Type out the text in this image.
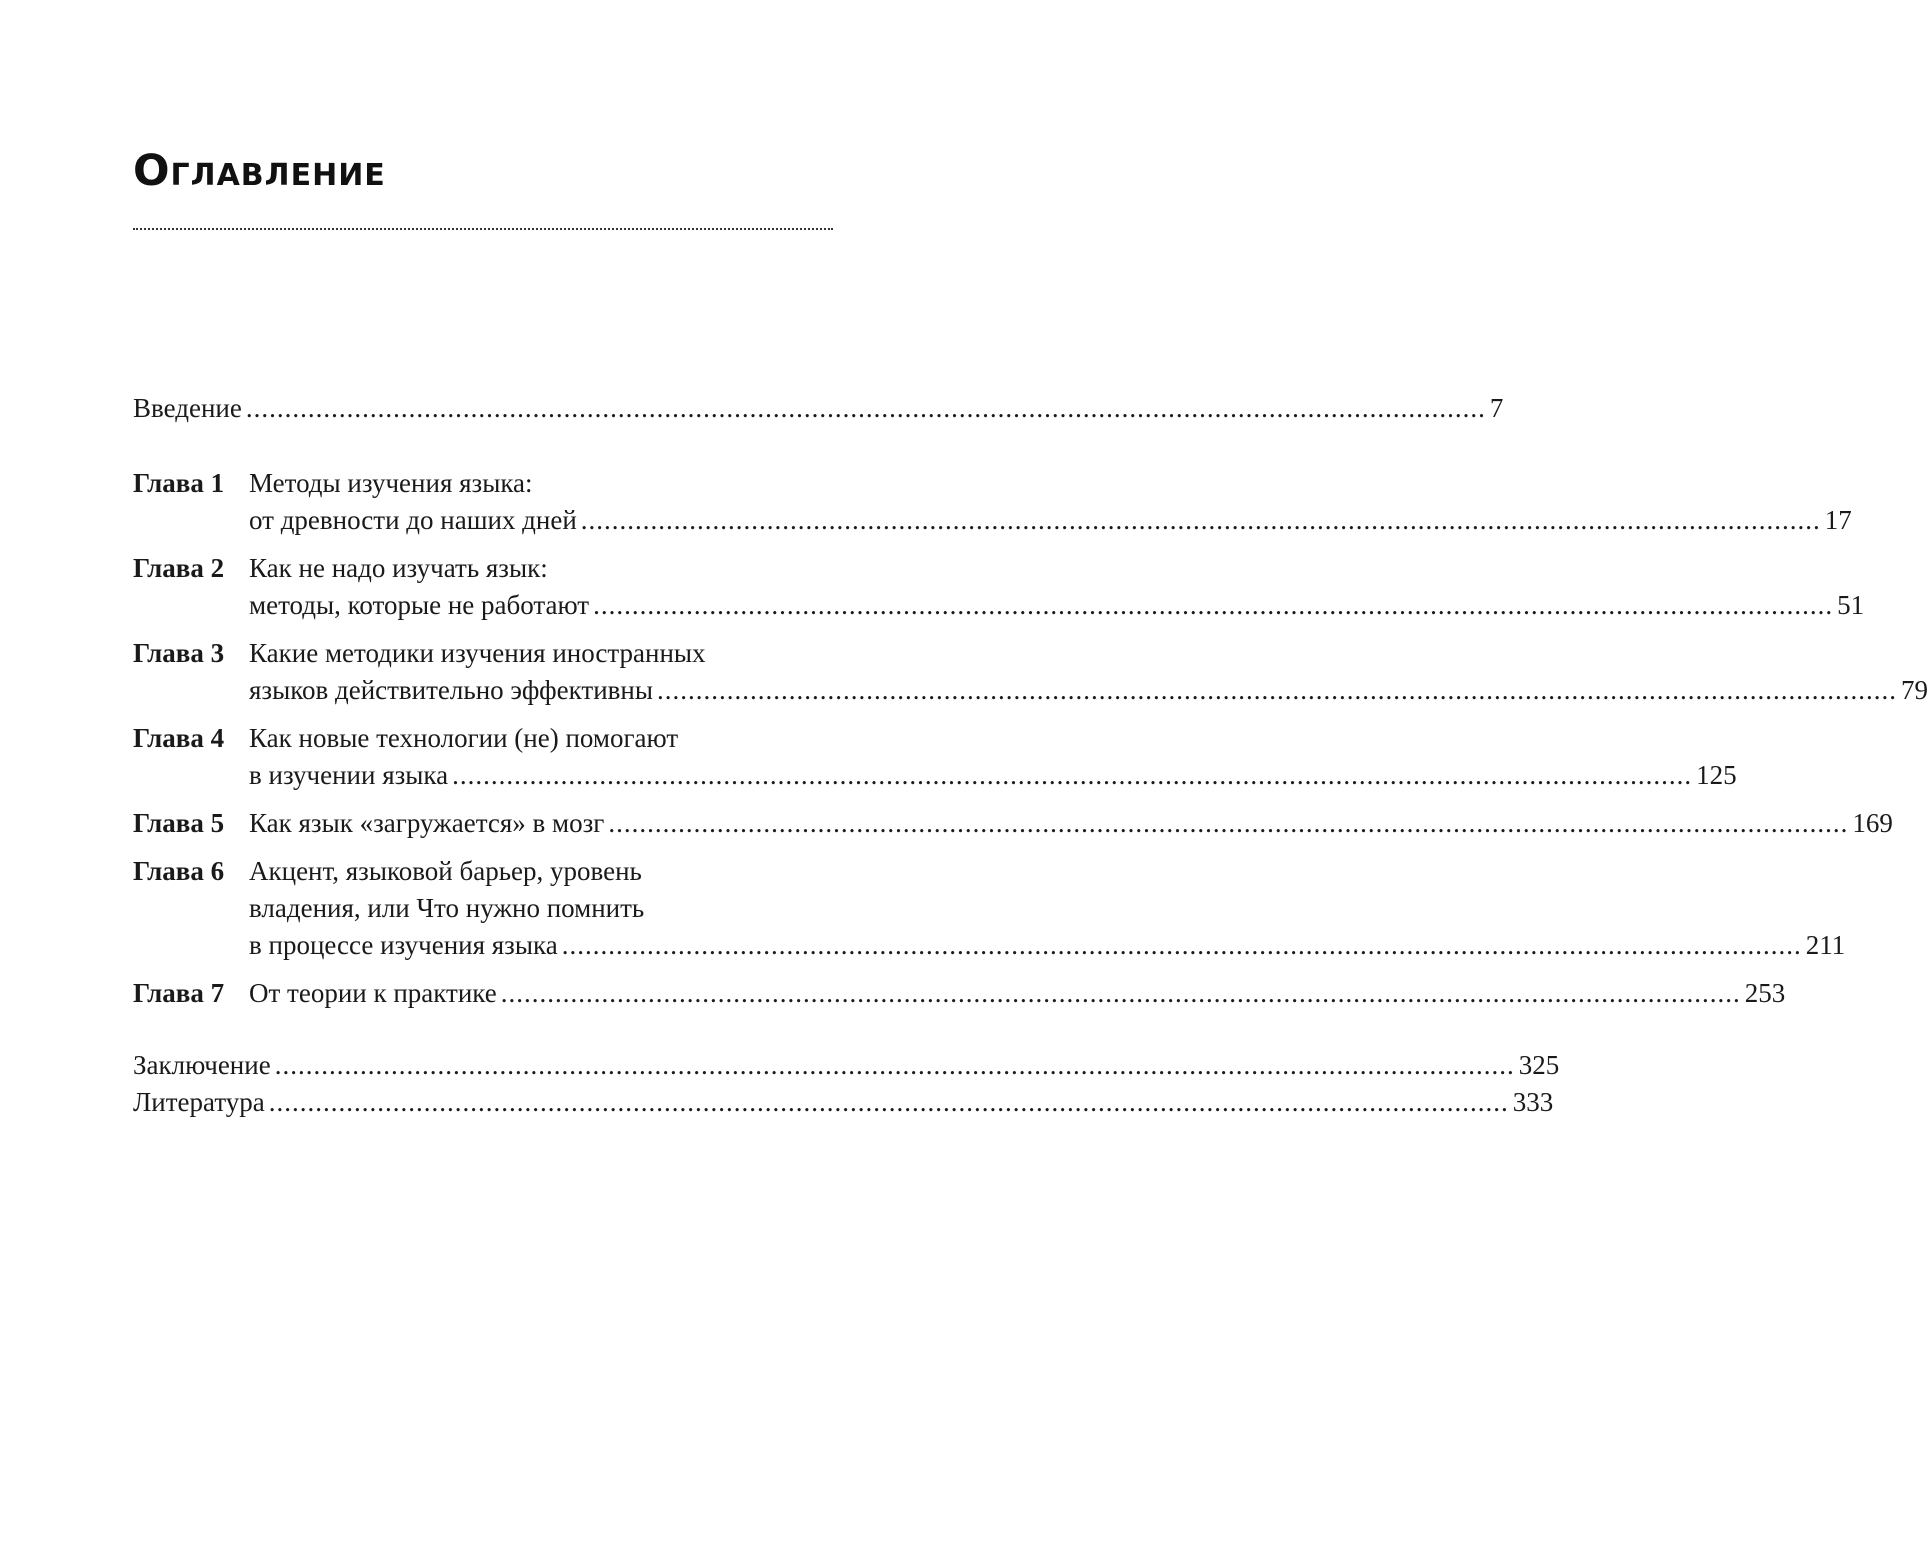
Оглавление
Введение ................................................................................................................................................................ 7
Глава 1 Методы изучения языка:
от древности до наших дней ................................................................................................................................................................ 17
Глава 2 Как не надо изучать язык:
методы, которые не работают ................................................................................................................................................................ 51
Глава 3 Какие методики изучения иностранных
языков действительно эффективны ................................................................................................................................................................ 79
Глава 4 Как новые технологии (не) помогают
в изучении языка ................................................................................................................................................................ 125
Глава 5 Как язык «загружается» в мозг ................................................................................................................................................................ 169
Глава 6 Акцент, языковой барьер, уровень
владения, или Что нужно помнить
в процессе изучения языка ................................................................................................................................................................ 211
Глава 7 От теории к практике ................................................................................................................................................................ 253
Заключение ................................................................................................................................................................ 325
Литература ................................................................................................................................................................ 333
